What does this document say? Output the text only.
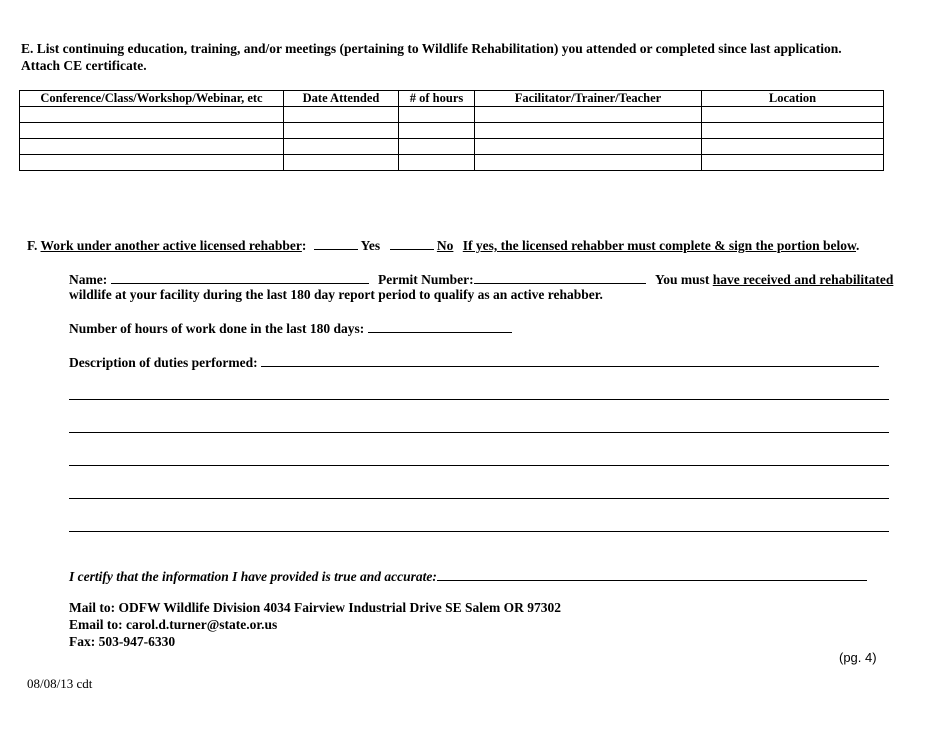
E. List continuing education, training, and/or meetings (pertaining to Wildlife Rehabilitation) you attended or completed since last application.
Attach CE certificate.
Conference/Class/Workshop/Webinar, etc	Date Attended	# of hours	Facilitator/Trainer/Teacher	Location

F. Work under another active licensed rehabber:	Yes	No If yes, the licensed rehabber must complete & sign the portion below.
Name:	Permit Number:	You must have received and rehabilitated
wildlife at your facility during the last 180 day report period to qualify as an active rehabber.
Number of hours of work done in the last 180 days:
Description of duties performed:
I certify that the information I have provided is true and accurate:
Mail to: ODFW Wildlife Division 4034 Fairview Industrial Drive SE Salem OR 97302
Email to: carol.d.turner@state.or.us
Fax: 503-947-6330
(pg. 4)
08/08/13 cdt
